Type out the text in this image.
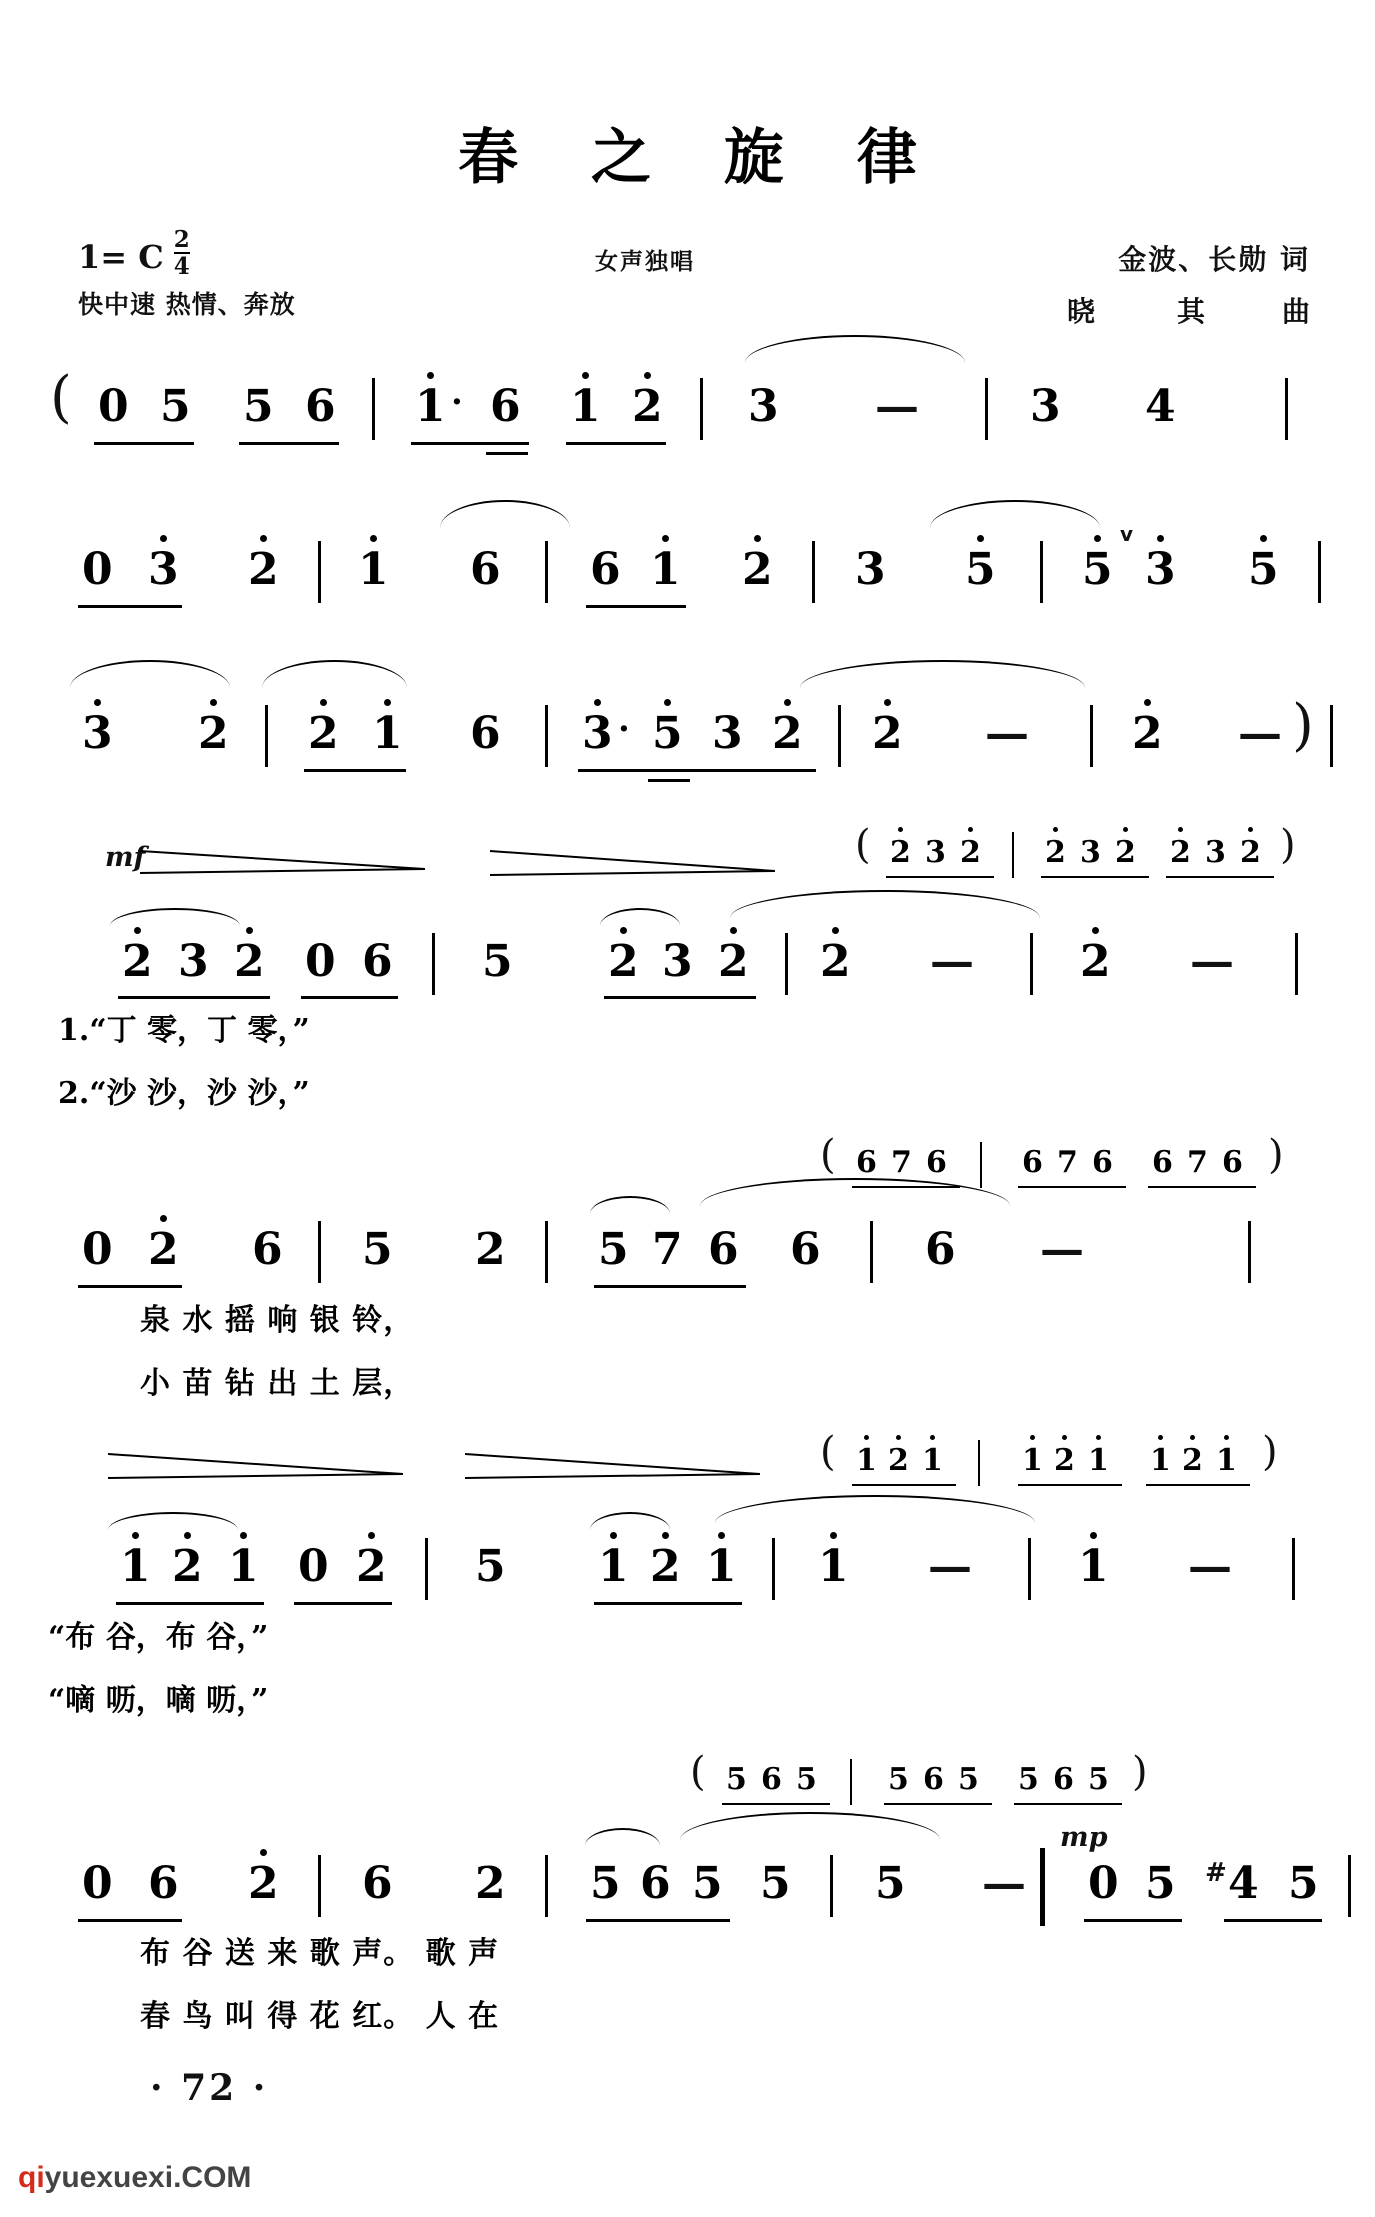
春 之 旋 律
1= C $\frac{2}{4}$
快中速 热情、奔放
女声独唱	金波、长勋 词
晓	其	曲
( 0 5 5 6 1 · 6 1 2 3 —	3 4
0 3 2 1 6 6 1 2 3 5 5
v
3 5
3 2 2 1 6 3 · 5 3 2 2 — 2 — )
mf	( 2 3 2 2 3 2 2 3 2 )
2 3 2 0 6 5 2 3 2 2 — 2 —
1.“丁 零，丁 零，”
2.“沙 沙，沙 沙，”
( 6 7 6	6 7 6 6 7 6 )
0 2 6 5 2 5 7 6 6 6 —
泉 水 摇 响 银 铃，
小 苗 钻 出 土 层，
( 1 2 1	1 2 1 1 2 1 )
1 2 1 0 2 5 1 2 1 1 — 1 —
“布 谷，布 谷，”
“嘀 呖，嘀 呖，”
( 5 6 5 5 6 5 5 6 5 )
mp
0 6 2 6 2 5 6 5 5 5 — 0 5 # 4 5
布 谷 送 来 歌 声。 歌 声
春 鸟 叫 得 花 红。 人 在
· 72 ·
qiyuexuexi.COM
